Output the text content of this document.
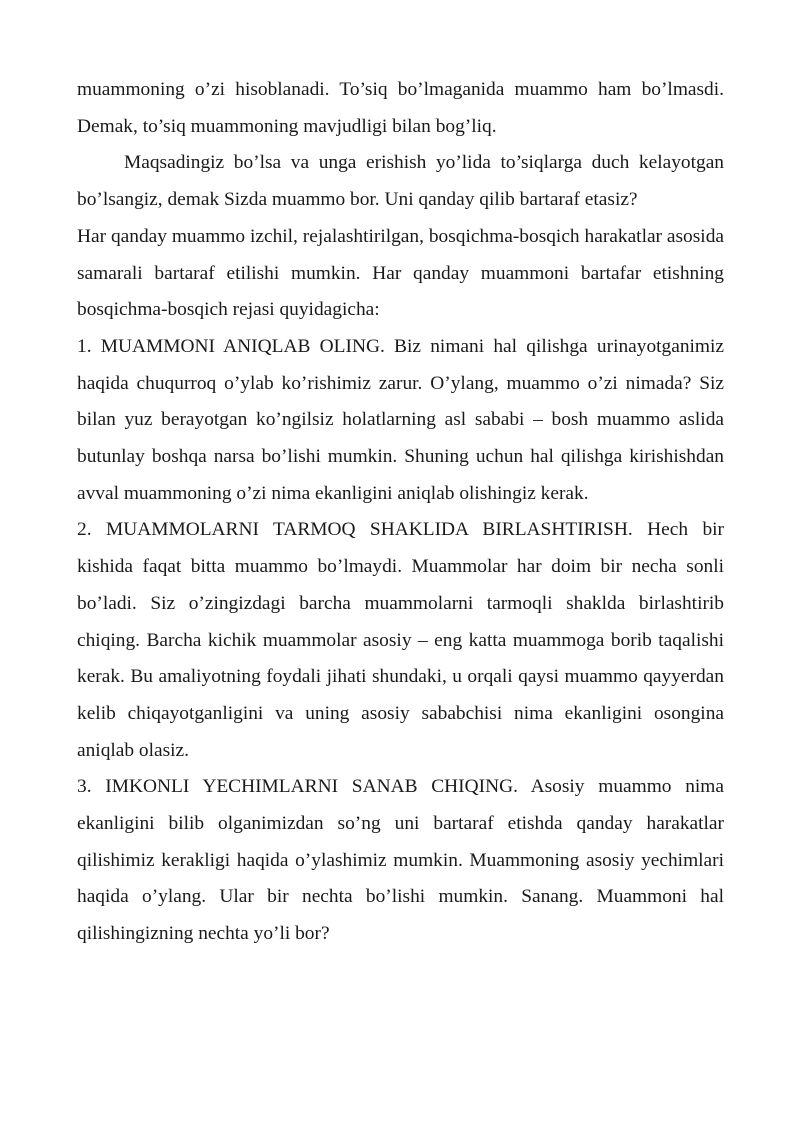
muammoning o’zi hisoblanadi. To’siq bo’lmaganida muammo ham bo’lmasdi. Demak, to’siq muammoning mavjudligi bilan bog’liq.

Maqsadingiz bo’lsa va unga erishish yo’lida to’siqlarga duch kelayotgan bo’lsangiz, demak Sizda muammo bor. Uni qanday qilib bartaraf etasiz?

Har qanday muammo izchil, rejalashtirilgan, bosqichma-bosqich harakatlar asosida samarali bartaraf etilishi mumkin. Har qanday muammoni bartafar etishning bosqichma-bosqich rejasi quyidagicha:

1. MUAMMONI ANIQLAB OLING. Biz nimani hal qilishga urinayotganimiz haqida chuqurroq o’ylab ko’rishimiz zarur. O’ylang, muammo o’zi nimada? Siz bilan yuz berayotgan ko’ngilsiz holatlarning asl sababi – bosh muammo aslida butunlay boshqa narsa bo’lishi mumkin. Shuning uchun hal qilishga kirishishdan avval muammoning o’zi nima ekanligini aniqlab olishingiz kerak.

2. MUAMMOLARNI TARMOQ SHAKLIDA BIRLASHTIRISH. Hech bir kishida faqat bitta muammo bo’lmaydi. Muammolar har doim bir necha sonli bo’ladi. Siz o’zingizdagi barcha muammolarni tarmoqli shaklda birlashtirib chiqing. Barcha kichik muammolar asosiy – eng katta muammoga borib taqalishi kerak. Bu amaliyotning foydali jihati shundaki, u orqali qaysi muammo qayyerdan kelib chiqayotganligini va uning asosiy sababchisi nima ekanligini osongina aniqlab olasiz.

3. IMKONLI YECHIMLARNI SANAB CHIQING. Asosiy muammo nima ekanligini bilib olganimizdan so’ng uni bartaraf etishda qanday harakatlar qilishimiz kerakligi haqida o’ylashimiz mumkin. Muammoning asosiy yechimlari haqida o’ylang. Ular bir nechta bo’lishi mumkin. Sanang. Muammoni hal qilishingizning nechta yo’li bor?
